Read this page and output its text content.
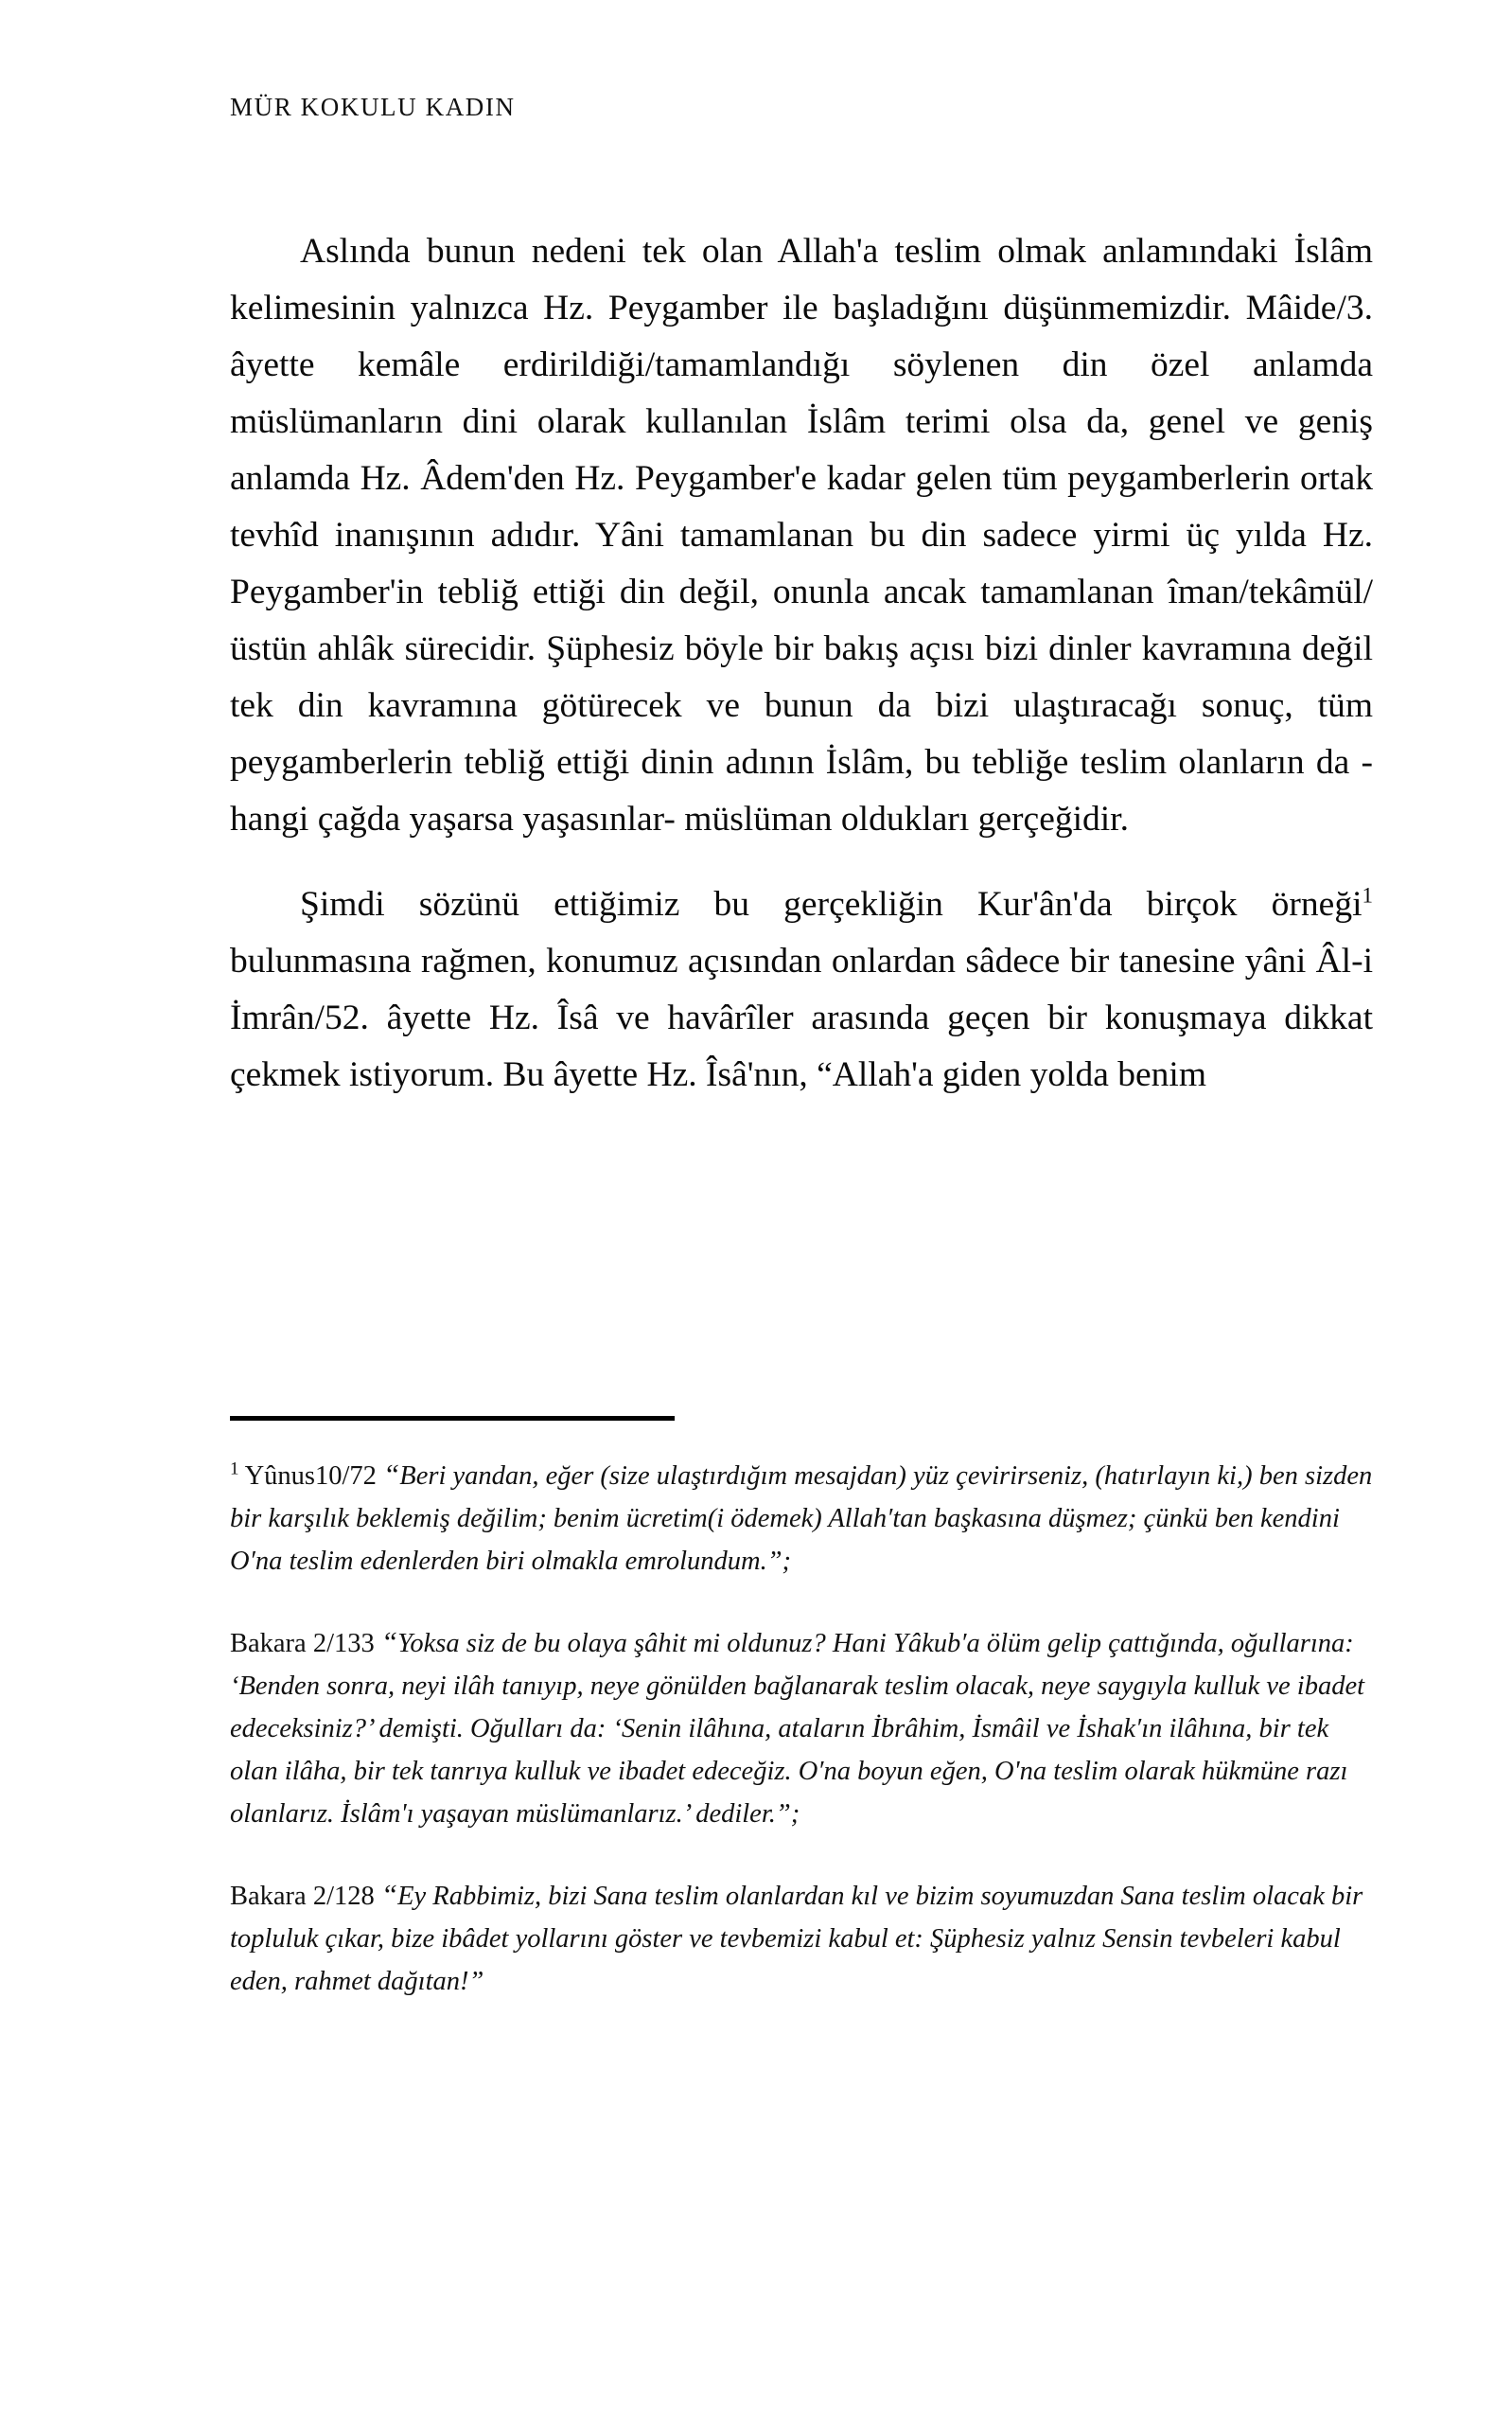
MÜR KOKULU KADIN

Aslında bunun nedeni tek olan Allah'a teslim olmak anlamındaki İslâm kelimesinin yalnızca Hz. Peygamber ile başladığını düşünmemizdir. Mâide/3. âyette kemâle erdirildiği/tamamlandığı söylenen din özel anlamda müslümanların dini olarak kullanılan İslâm terimi olsa da, genel ve geniş anlamda Hz. Âdem'den Hz. Peygamber'e kadar gelen tüm peygamberlerin ortak tevhîd inanışının adıdır. Yâni tamamlanan bu din sadece yirmi üç yılda Hz. Peygamber'in tebliğ ettiği din değil, onunla ancak tamamlanan îman/tekâmül/üstün ahlâk sürecidir. Şüphesiz böyle bir bakış açısı bizi dinler kavramına değil tek din kavramına götürecek ve bunun da bizi ulaştıracağı sonuç, tüm peygamberlerin tebliğ ettiği dinin adının İslâm, bu tebliğe teslim olanların da - hangi çağda yaşarsa yaşasınlar- müslüman oldukları gerçeğidir.

Şimdi sözünü ettiğimiz bu gerçekliğin Kur'ân'da birçok örneği$^1$ bulunmasına rağmen, konumuz açısından onlardan sâdece bir tanesine yâni Âl-i İmrân/52. âyette Hz. Îsâ ve havârîler arasında geçen bir konuşmaya dikkat çekmek istiyorum. Bu âyette Hz. Îsâ'nın, “Allah'a giden yolda benim

$^1$ Yûnus10/72 “Beri yandan, eğer (size ulaştırdığım mesajdan) yüz çevirirseniz, (hatırlayın ki,) ben sizden bir karşılık beklemiş değilim; benim ücretim(i ödemek) Allah′tan başkasına düşmez; çünkü ben kendini O′na teslim edenlerden biri olmakla emrolundum.”;

Bakara 2/133 “Yoksa siz de bu olaya şâhit mi oldunuz? Hani Yâkub′a ölüm gelip çattığında, oğullarına: ‘Benden sonra, neyi ilâh tanıyıp, neye gönülden bağlanarak teslim olacak, neye saygıyla kulluk ve ibadet edeceksiniz?’ demişti. Oğulları da: ‘Senin ilâhına, ataların İbrâhim, İsmâil ve İshak′ın ilâhına, bir tek olan ilâha, bir tek tanrıya kulluk ve ibadet edeceğiz. O′na boyun eğen, O'na teslim olarak hükmüne razı olanlarız. İslâm'ı yaşayan müslümanlarız.’ dediler.”;

Bakara 2/128 “Ey Rabbimiz, bizi Sana teslim olanlardan kıl ve bizim soyumuzdan Sana teslim olacak bir topluluk çıkar, bize ibâdet yollarını göster ve tevbemizi kabul et: Şüphesiz yalnız Sensin tevbeleri kabul eden, rahmet dağıtan!”
